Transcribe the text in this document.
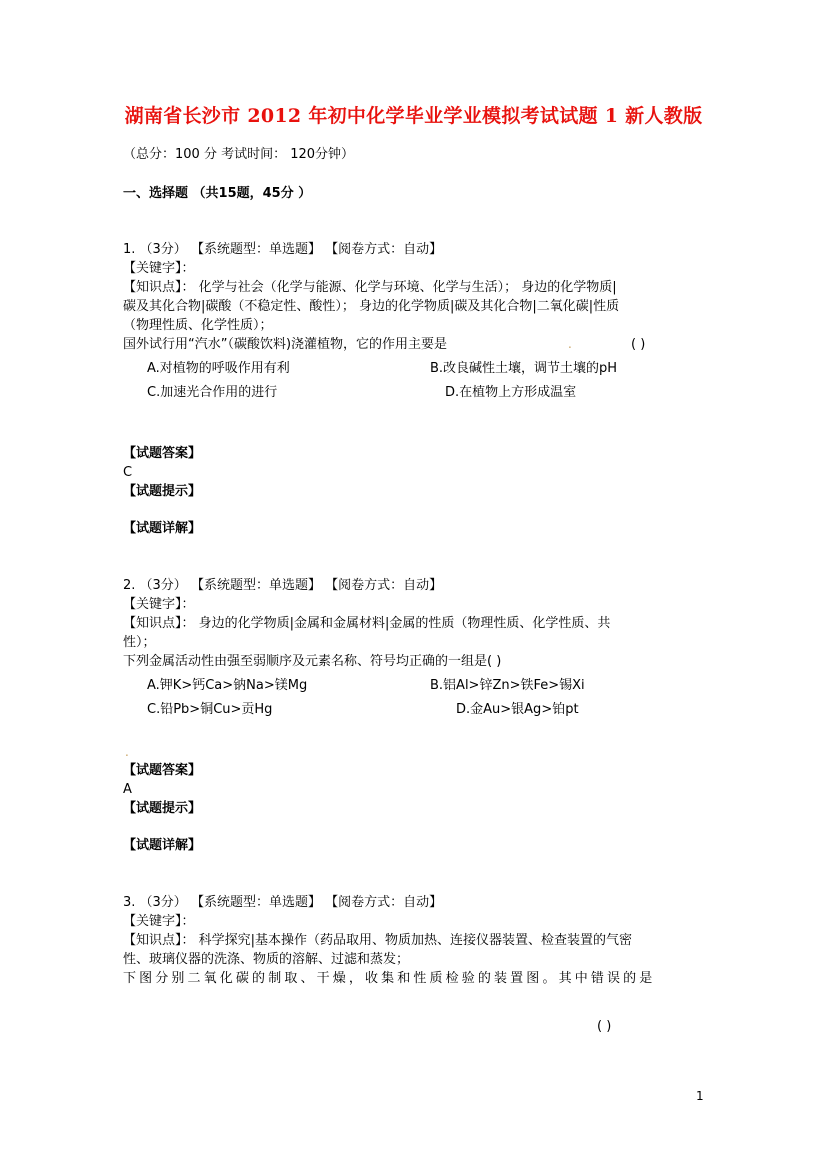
湖南省长沙市 2012 年初中化学毕业学业模拟考试试题 1 新人教版
（总分：100 分 考试时间： 120分钟）
一、选择题 （共15题，45分 ）
1. （3分） 【系统题型：单选题】 【阅卷方式：自动】
【关键字】：
【知识点】： 化学与社会（化学与能源、化学与环境、化学与生活）； 身边的化学物质|
碳及其化合物|碳酸（不稳定性、酸性）； 身边的化学物质|碳及其化合物|二氧化碳|性质
（物理性质、化学性质）；
国外试行用“汽水”（碳酸饮料)浇灌植物，它的作用主要是	.	( )
A.对植物的呼吸作用有利	B.改良碱性土壤，调节土壤的pH
C.加速光合作用的进行	D.在植物上方形成温室
【试题答案】
C
【试题提示】
【试题详解】
2. （3分） 【系统题型：单选题】 【阅卷方式：自动】
【关键字】：
【知识点】： 身边的化学物质|金属和金属材料|金属的性质（物理性质、化学性质、共
性）；
下列金属活动性由强至弱顺序及元素名称、符号均正确的一组是( )
A.钾K>钙Ca>钠Na>镁Mg	B.铝Al>锌Zn>铁Fe>锡Xi
C.铅Pb>铜Cu>贡Hg	D.金Au>银Ag>铂pt
.
【试题答案】
A
【试题提示】
【试题详解】
3. （3分） 【系统题型：单选题】 【阅卷方式：自动】
【关键字】：
【知识点】： 科学探究|基本操作（药品取用、物质加热、连接仪器装置、检查装置的气密
性、玻璃仪器的洗涤、物质的溶解、过滤和蒸发；
下 图 分 别 二 氧 化 碳 的 制 取 、 干 燥 ， 收 集 和 性 质 检 验 的 装 置 图 。 其 中 错 误 的 是
( )
1
